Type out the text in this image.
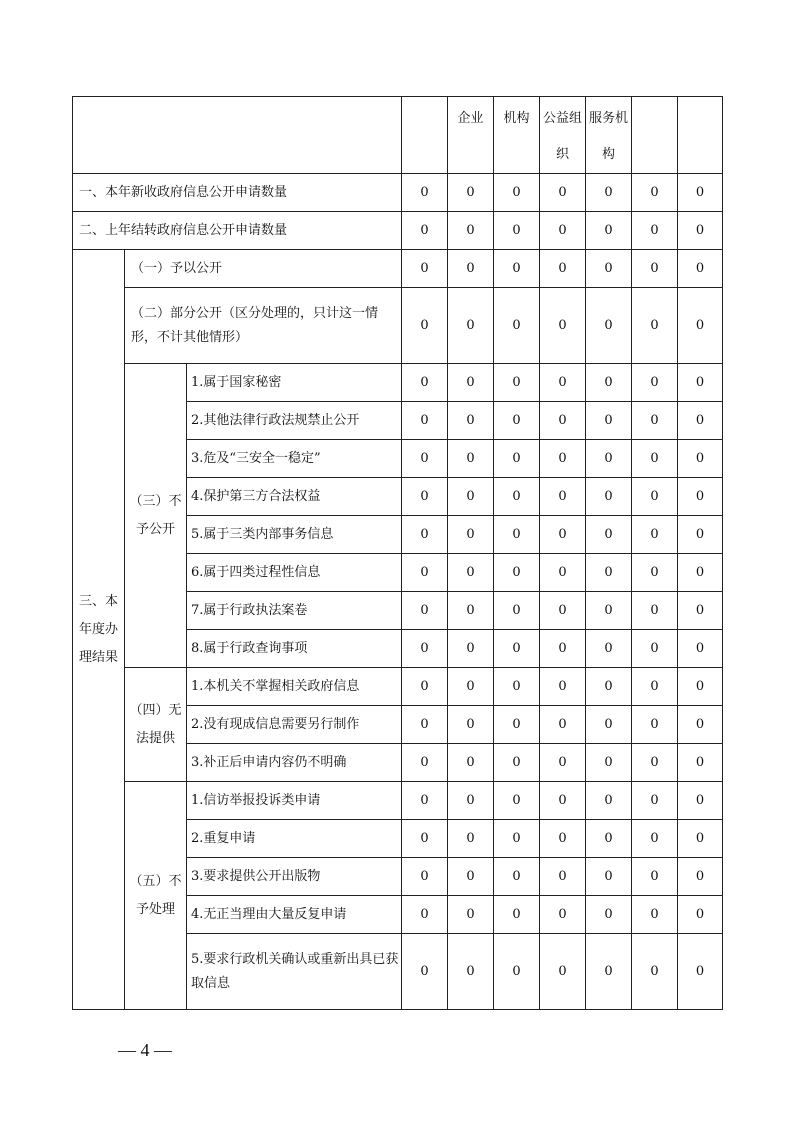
				企业	机构	公益组织	服务机构		
一、本年新收政府信息公开申请数量			0	0	0	0	0	0	0
二、上年结转政府信息公开申请数量			0	0	0	0	0	0	0
三、本年度办理结果	（一）予以公开		0	0	0	0	0	0	0
	（二）部分公开（区分处理的，只计这一情形，不计其他情形）		0	0	0	0	0	0	0
	（三）不予公开	1.属于国家秘密	0	0	0	0	0	0	0
		2.其他法律行政法规禁止公开	0	0	0	0	0	0	0
		3.危及“三安全一稳定”	0	0	0	0	0	0	0
		4.保护第三方合法权益	0	0	0	0	0	0	0
		5.属于三类内部事务信息	0	0	0	0	0	0	0
		6.属于四类过程性信息	0	0	0	0	0	0	0
		7.属于行政执法案卷	0	0	0	0	0	0	0
		8.属于行政查询事项	0	0	0	0	0	0	0
	（四）无法提供	1.本机关不掌握相关政府信息	0	0	0	0	0	0	0
		2.没有现成信息需要另行制作	0	0	0	0	0	0	0
		3.补正后申请内容仍不明确	0	0	0	0	0	0	0
	（五）不予处理	1.信访举报投诉类申请	0	0	0	0	0	0	0
		2.重复申请	0	0	0	0	0	0	0
		3.要求提供公开出版物	0	0	0	0	0	0	0
		4.无正当理由大量反复申请	0	0	0	0	0	0	0
		5.要求行政机关确认或重新出具已获取信息	0	0	0	0	0	0	0
— 4 —
